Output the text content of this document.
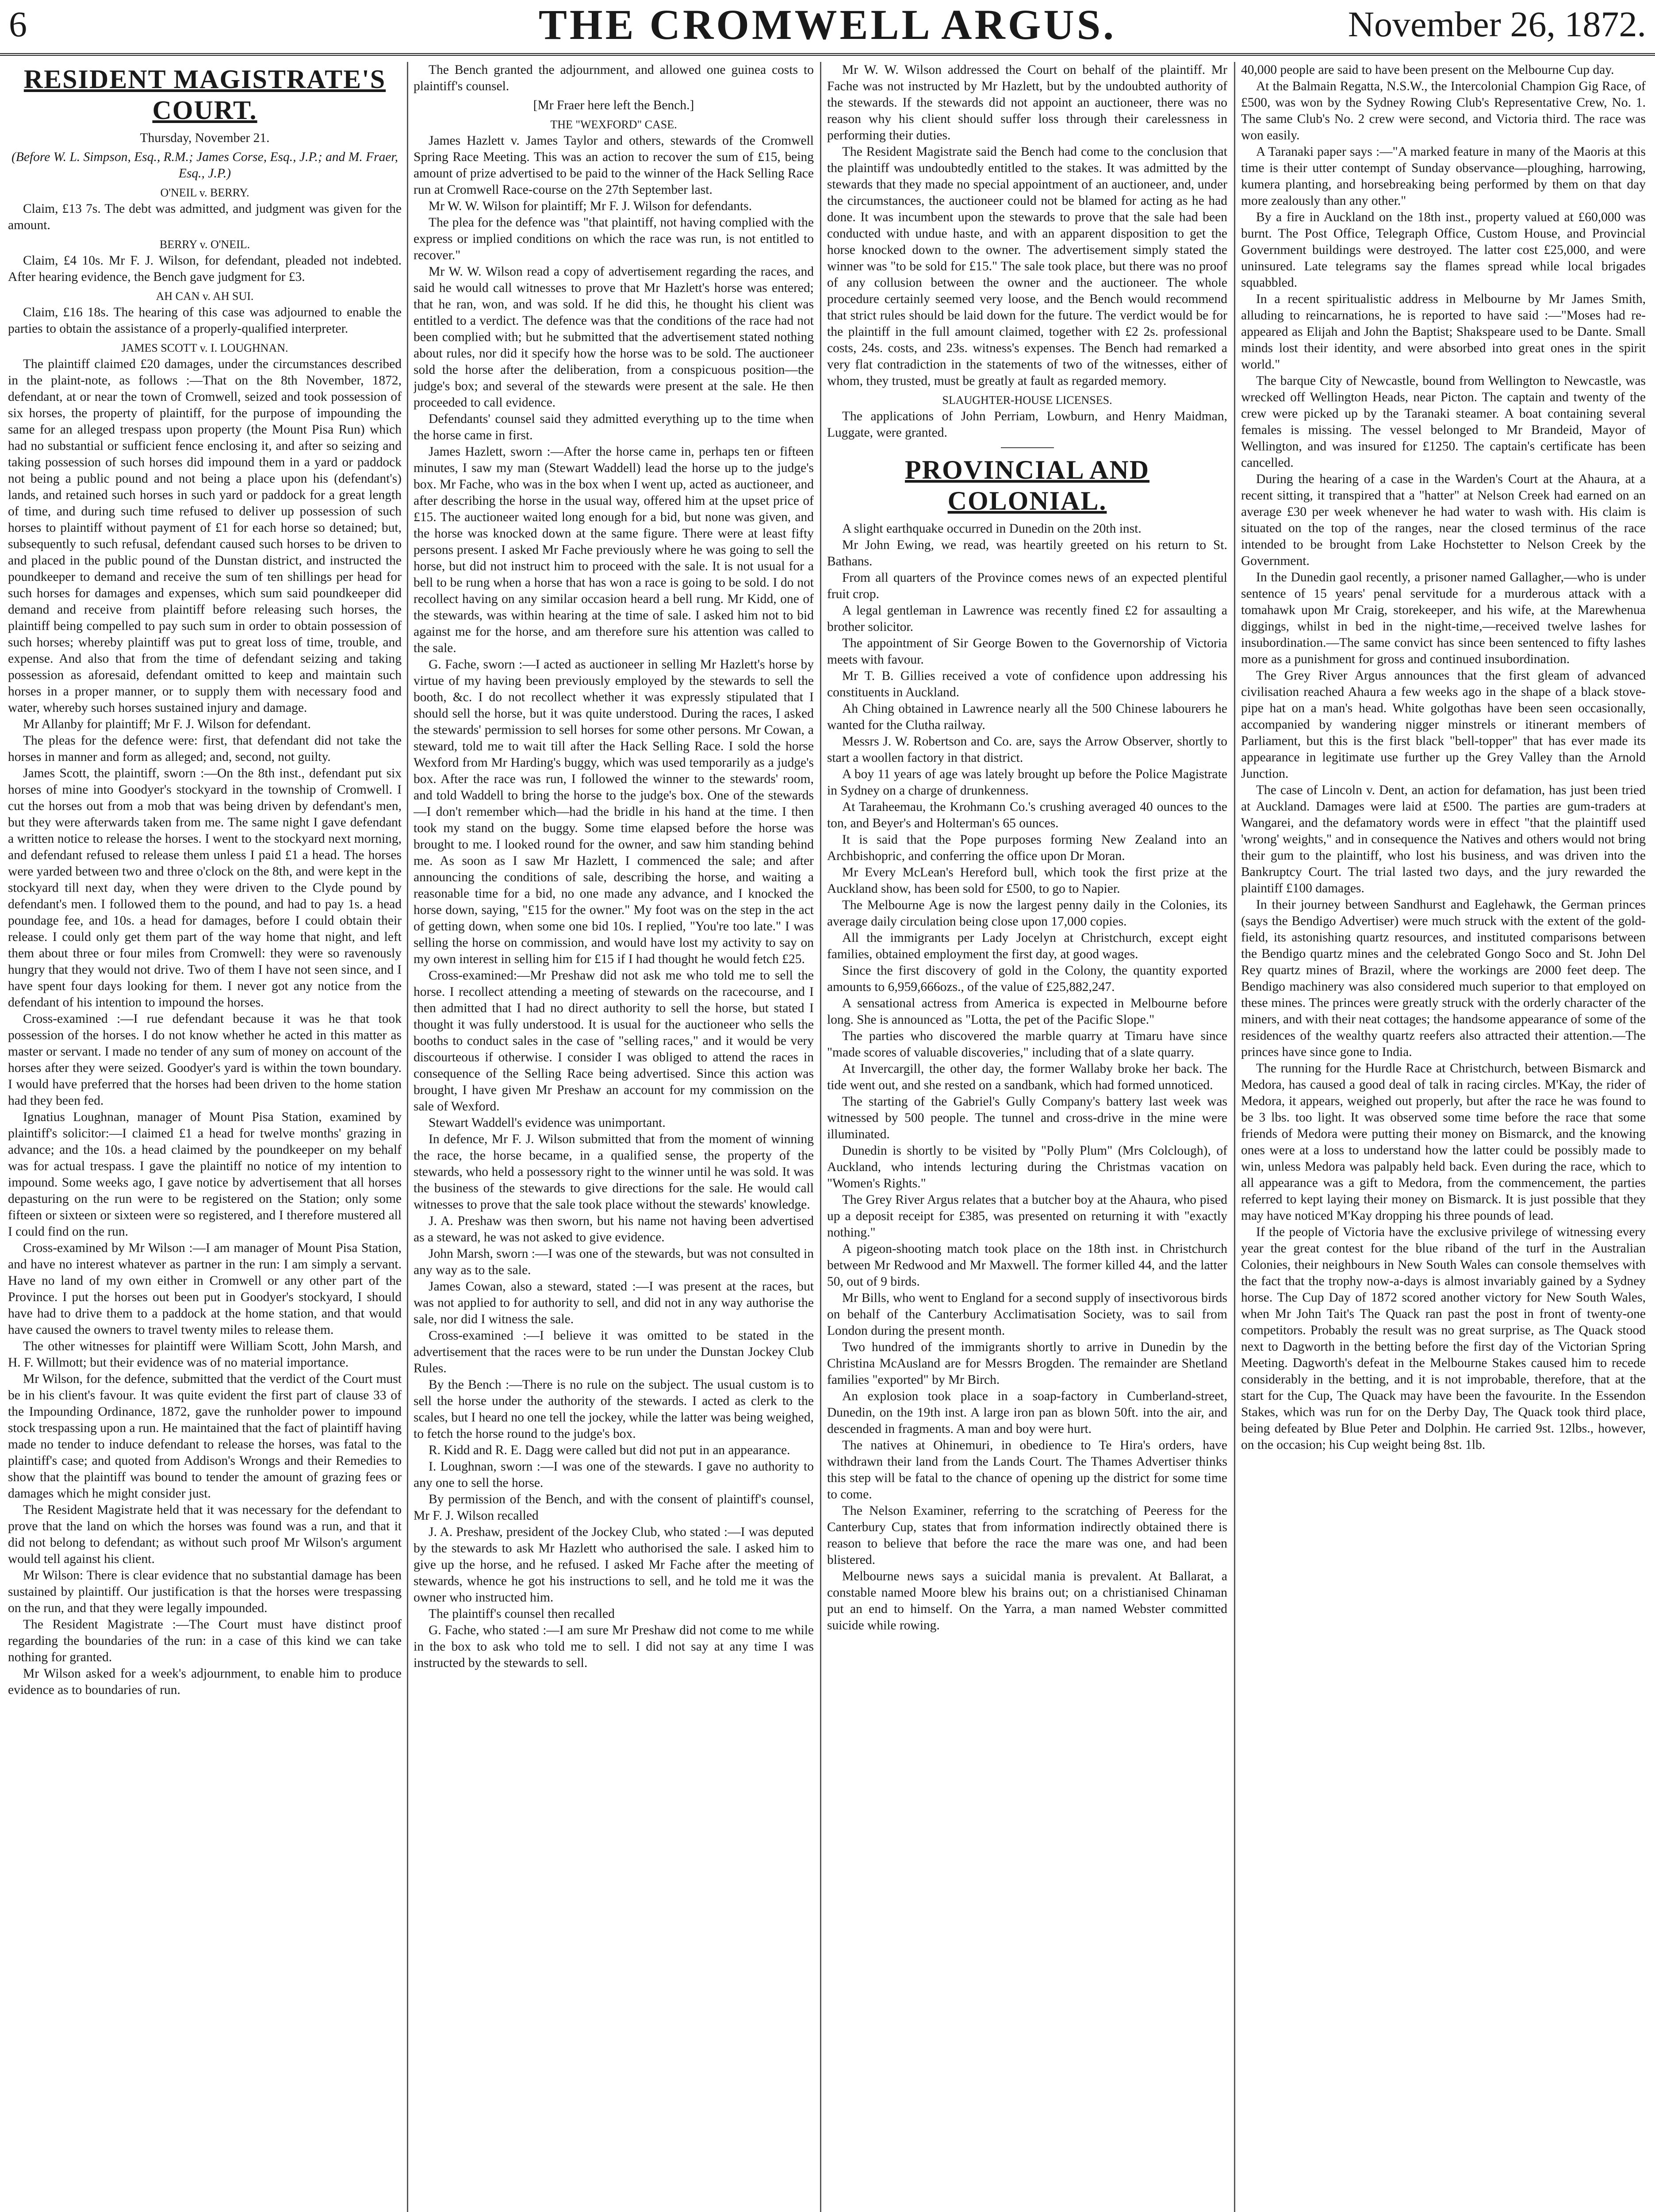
6	THE CROMWELL ARGUS.	November 26, 1872.
RESIDENT MAGISTRATE'S COURT.

Thursday, November 21.

(Before W. L. Simpson, Esq., R.M.; James Corse, Esq., J.P.; and M. Fraer, Esq., J.P.)

O'NEIL v. BERRY.

Claim, £13 7s. The debt was admitted, and judgment was given for the amount.

BERRY v. O'NEIL.

Claim, £4 10s. Mr F. J. Wilson, for defendant, pleaded not indebted. After hearing evidence, the Bench gave judgment for £3.

AH CAN v. AH SUI.

Claim, £16 18s. The hearing of this case was adjourned to enable the parties to obtain the assistance of a properly-qualified interpreter.

JAMES SCOTT v. I. LOUGHNAN.

The plaintiff claimed £20 damages, under the circumstances described in the plaint-note, as follows :—That on the 8th November, 1872, defendant, at or near the town of Cromwell, seized and took possession of six horses, the property of plaintiff, for the purpose of impounding the same for an alleged trespass upon property (the Mount Pisa Run) which had no substantial or sufficient fence enclosing it, and after so seizing and taking possession of such horses did impound them in a yard or paddock not being a public pound and not being a place upon his (defendant's) lands, and retained such horses in such yard or paddock for a great length of time, and during such time refused to deliver up possession of such horses to plaintiff without payment of £1 for each horse so detained; but, subsequently to such refusal, defendant caused such horses to be driven to and placed in the public pound of the Dunstan district, and instructed the poundkeeper to demand and receive the sum of ten shillings per head for such horses for damages and expenses, which sum said poundkeeper did demand and receive from plaintiff before releasing such horses, the plaintiff being compelled to pay such sum in order to obtain possession of such horses; whereby plaintiff was put to great loss of time, trouble, and expense. And also that from the time of defendant seizing and taking possession as aforesaid, defendant omitted to keep and maintain such horses in a proper manner, or to supply them with necessary food and water, whereby such horses sustained injury and damage.

Mr Allanby for plaintiff; Mr F. J. Wilson for defendant.

The pleas for the defence were: first, that defendant did not take the horses in manner and form as alleged; and, second, not guilty.

James Scott, the plaintiff, sworn :—On the 8th inst., defendant put six horses of mine into Goodyer's stockyard in the township of Cromwell. I cut the horses out from a mob that was being driven by defendant's men, but they were afterwards taken from me. The same night I gave defendant a written notice to release the horses. I went to the stockyard next morning, and defendant refused to release them unless I paid £1 a head. The horses were yarded between two and three o'clock on the 8th, and were kept in the stockyard till next day, when they were driven to the Clyde pound by defendant's men. I followed them to the pound, and had to pay 1s. a head poundage fee, and 10s. a head for damages, before I could obtain their release. I could only get them part of the way home that night, and left them about three or four miles from Cromwell: they were so ravenously hungry that they would not drive. Two of them I have not seen since, and I have spent four days looking for them. I never got any notice from the defendant of his intention to impound the horses.

Cross-examined :—I rue defendant because it was he that took possession of the horses. I do not know whether he acted in this matter as master or servant. I made no tender of any sum of money on account of the horses after they were seized. Goodyer's yard is within the town boundary. I would have preferred that the horses had been driven to the home station had they been fed.

Ignatius Loughnan, manager of Mount Pisa Station, examined by plaintiff's solicitor:—I claimed £1 a head for twelve months' grazing in advance; and the 10s. a head claimed by the poundkeeper on my behalf was for actual trespass. I gave the plaintiff no notice of my intention to impound. Some weeks ago, I gave notice by advertisement that all horses depasturing on the run were to be registered on the Station; only some fifteen or sixteen or sixteen were so registered, and I therefore mustered all I could find on the run.

Cross-examined by Mr Wilson :—I am manager of Mount Pisa Station, and have no interest whatever as partner in the run: I am simply a servant. Have no land of my own either in Cromwell or any other part of the Province. I put the horses out been put in Goodyer's stockyard, I should have had to drive them to a paddock at the home station, and that would have caused the owners to travel twenty miles to release them.

The other witnesses for plaintiff were William Scott, John Marsh, and H. F. Willmott; but their evidence was of no material importance.

Mr Wilson, for the defence, submitted that the verdict of the Court must be in his client's favour. It was quite evident the first part of clause 33 of the Impounding Ordinance, 1872, gave the runholder power to impound stock trespassing upon a run. He maintained that the fact of plaintiff having made no tender to induce defendant to release the horses, was fatal to the plaintiff's case; and quoted from Addison's Wrongs and their Remedies to show that the plaintiff was bound to tender the amount of grazing fees or damages which he might consider just.

The Resident Magistrate held that it was necessary for the defendant to prove that the land on which the horses was found was a run, and that it did not belong to defendant; as without such proof Mr Wilson's argument would tell against his client.

Mr Wilson: There is clear evidence that no substantial damage has been sustained by plaintiff. Our justification is that the horses were trespassing on the run, and that they were legally impounded.

The Resident Magistrate :—The Court must have distinct proof regarding the boundaries of the run: in a case of this kind we can take nothing for granted.

Mr Wilson asked for a week's adjournment, to enable him to produce evidence as to boundaries of run.

The Bench granted the adjournment, and allowed one guinea costs to plaintiff's counsel.

[Mr Fraer here left the Bench.]

THE "WEXFORD" CASE.

James Hazlett v. James Taylor and others, stewards of the Cromwell Spring Race Meeting. This was an action to recover the sum of £15, being amount of prize advertised to be paid to the winner of the Hack Selling Race run at Cromwell Race-course on the 27th September last.

Mr W. W. Wilson for plaintiff; Mr F. J. Wilson for defendants.

The plea for the defence was "that plaintiff, not having complied with the express or implied conditions on which the race was run, is not entitled to recover."

Mr W. W. Wilson read a copy of advertisement regarding the races, and said he would call witnesses to prove that Mr Hazlett's horse was entered; that he ran, won, and was sold. If he did this, he thought his client was entitled to a verdict. The defence was that the conditions of the race had not been complied with; but he submitted that the advertisement stated nothing about rules, nor did it specify how the horse was to be sold. The auctioneer sold the horse after the deliberation, from a conspicuous position—the judge's box; and several of the stewards were present at the sale. He then proceeded to call evidence.

Defendants' counsel said they admitted everything up to the time when the horse came in first.

James Hazlett, sworn :—After the horse came in, perhaps ten or fifteen minutes, I saw my man (Stewart Waddell) lead the horse up to the judge's box. Mr Fache, who was in the box when I went up, acted as auctioneer, and after describing the horse in the usual way, offered him at the upset price of £15. The auctioneer waited long enough for a bid, but none was given, and the horse was knocked down at the same figure. There were at least fifty persons present. I asked Mr Fache previously where he was going to sell the horse, but did not instruct him to proceed with the sale. It is not usual for a bell to be rung when a horse that has won a race is going to be sold. I do not recollect having on any similar occasion heard a bell rung. Mr Kidd, one of the stewards, was within hearing at the time of sale. I asked him not to bid against me for the horse, and am therefore sure his attention was called to the sale.

G. Fache, sworn :—I acted as auctioneer in selling Mr Hazlett's horse by virtue of my having been previously employed by the stewards to sell the booth, &c. I do not recollect whether it was expressly stipulated that I should sell the horse, but it was quite understood. During the races, I asked the stewards' permission to sell horses for some other persons. Mr Cowan, a steward, told me to wait till after the Hack Selling Race. I sold the horse Wexford from Mr Harding's buggy, which was used temporarily as a judge's box. After the race was run, I followed the winner to the stewards' room, and told Waddell to bring the horse to the judge's box. One of the stewards—I don't remember which—had the bridle in his hand at the time. I then took my stand on the buggy. Some time elapsed before the horse was brought to me. I looked round for the owner, and saw him standing behind me. As soon as I saw Mr Hazlett, I commenced the sale; and after announcing the conditions of sale, describing the horse, and waiting a reasonable time for a bid, no one made any advance, and I knocked the horse down, saying, "£15 for the owner." My foot was on the step in the act of getting down, when some one bid 10s. I replied, "You're too late." I was selling the horse on commission, and would have lost my activity to say on my own interest in selling him for £15 if I had thought he would fetch £25.

Cross-examined:—Mr Preshaw did not ask me who told me to sell the horse. I recollect attending a meeting of stewards on the racecourse, and I then admitted that I had no direct authority to sell the horse, but stated I thought it was fully understood. It is usual for the auctioneer who sells the booths to conduct sales in the case of "selling races," and it would be very discourteous if otherwise. I consider I was obliged to attend the races in consequence of the Selling Race being advertised. Since this action was brought, I have given Mr Preshaw an account for my commission on the sale of Wexford.

Stewart Waddell's evidence was unimportant.

In defence, Mr F. J. Wilson submitted that from the moment of winning the race, the horse became, in a qualified sense, the property of the stewards, who held a possessory right to the winner until he was sold. It was the business of the stewards to give directions for the sale. He would call witnesses to prove that the sale took place without the stewards' knowledge.

J. A. Preshaw was then sworn, but his name not having been advertised as a steward, he was not asked to give evidence.

John Marsh, sworn :—I was one of the stewards, but was not consulted in any way as to the sale.

James Cowan, also a steward, stated :—I was present at the races, but was not applied to for authority to sell, and did not in any way authorise the sale, nor did I witness the sale.

Cross-examined :—I believe it was omitted to be stated in the advertisement that the races were to be run under the Dunstan Jockey Club Rules.

By the Bench :—There is no rule on the subject. The usual custom is to sell the horse under the authority of the stewards. I acted as clerk to the scales, but I heard no one tell the jockey, while the latter was being weighed, to fetch the horse round to the judge's box.

R. Kidd and R. E. Dagg were called but did not put in an appearance.

I. Loughnan, sworn :—I was one of the stewards. I gave no authority to any one to sell the horse.

By permission of the Bench, and with the consent of plaintiff's counsel, Mr F. J. Wilson recalled

J. A. Preshaw, president of the Jockey Club, who stated :—I was deputed by the stewards to ask Mr Hazlett who authorised the sale. I asked him to give up the horse, and he refused. I asked Mr Fache after the meeting of stewards, whence he got his instructions to sell, and he told me it was the owner who instructed him.

The plaintiff's counsel then recalled

G. Fache, who stated :—I am sure Mr Preshaw did not come to me while in the box to ask who told me to sell. I did not say at any time I was instructed by the stewards to sell.

Mr W. W. Wilson addressed the Court on behalf of the plaintiff. Mr Fache was not instructed by Mr Hazlett, but by the undoubted authority of the stewards. If the stewards did not appoint an auctioneer, there was no reason why his client should suffer loss through their carelessness in performing their duties.

The Resident Magistrate said the Bench had come to the conclusion that the plaintiff was undoubtedly entitled to the stakes. It was admitted by the stewards that they made no special appointment of an auctioneer, and, under the circumstances, the auctioneer could not be blamed for acting as he had done. It was incumbent upon the stewards to prove that the sale had been conducted with undue haste, and with an apparent disposition to get the horse knocked down to the owner. The advertisement simply stated the winner was "to be sold for £15." The sale took place, but there was no proof of any collusion between the owner and the auctioneer. The whole procedure certainly seemed very loose, and the Bench would recommend that strict rules should be laid down for the future. The verdict would be for the plaintiff in the full amount claimed, together with £2 2s. professional costs, 24s. costs, and 23s. witness's expenses. The Bench had remarked a very flat contradiction in the statements of two of the witnesses, either of whom, they trusted, must be greatly at fault as regarded memory.

SLAUGHTER-HOUSE LICENSES.

The applications of John Perriam, Lowburn, and Henry Maidman, Luggate, were granted.

PROVINCIAL AND COLONIAL.

A slight earthquake occurred in Dunedin on the 20th inst.

Mr John Ewing, we read, was heartily greeted on his return to St. Bathans.

From all quarters of the Province comes news of an expected plentiful fruit crop.

A legal gentleman in Lawrence was recently fined £2 for assaulting a brother solicitor.

The appointment of Sir George Bowen to the Governorship of Victoria meets with favour.

Mr T. B. Gillies received a vote of confidence upon addressing his constituents in Auckland.

Ah Ching obtained in Lawrence nearly all the 500 Chinese labourers he wanted for the Clutha railway.

Messrs J. W. Robertson and Co. are, says the Arrow Observer, shortly to start a woollen factory in that district.

A boy 11 years of age was lately brought up before the Police Magistrate in Sydney on a charge of drunkenness.

At Taraheemau, the Krohmann Co.'s crushing averaged 40 ounces to the ton, and Beyer's and Holterman's 65 ounces.

It is said that the Pope purposes forming New Zealand into an Archbishopric, and conferring the office upon Dr Moran.

Mr Every McLean's Hereford bull, which took the first prize at the Auckland show, has been sold for £500, to go to Napier.

The Melbourne Age is now the largest penny daily in the Colonies, its average daily circulation being close upon 17,000 copies.

All the immigrants per Lady Jocelyn at Christchurch, except eight families, obtained employment the first day, at good wages.

Since the first discovery of gold in the Colony, the quantity exported amounts to 6,959,666ozs., of the value of £25,882,247.

A sensational actress from America is expected in Melbourne before long. She is announced as "Lotta, the pet of the Pacific Slope."

The parties who discovered the marble quarry at Timaru have since "made scores of valuable discoveries," including that of a slate quarry.

At Invercargill, the other day, the former Wallaby broke her back. The tide went out, and she rested on a sandbank, which had formed unnoticed.

The starting of the Gabriel's Gully Company's battery last week was witnessed by 500 people. The tunnel and cross-drive in the mine were illuminated.

Dunedin is shortly to be visited by "Polly Plum" (Mrs Colclough), of Auckland, who intends lecturing during the Christmas vacation on "Women's Rights."

The Grey River Argus relates that a butcher boy at the Ahaura, who pised up a deposit receipt for £385, was presented on returning it with "exactly nothing."

A pigeon-shooting match took place on the 18th inst. in Christchurch between Mr Redwood and Mr Maxwell. The former killed 44, and the latter 50, out of 9 birds.

Mr Bills, who went to England for a second supply of insectivorous birds on behalf of the Canterbury Acclimatisation Society, was to sail from London during the present month.

Two hundred of the immigrants shortly to arrive in Dunedin by the Christina McAusland are for Messrs Brogden. The remainder are Shetland families "exported" by Mr Birch.

An explosion took place in a soap-factory in Cumberland-street, Dunedin, on the 19th inst. A large iron pan as blown 50ft. into the air, and descended in fragments. A man and boy were hurt.

The natives at Ohinemuri, in obedience to Te Hira's orders, have withdrawn their land from the Lands Court. The Thames Advertiser thinks this step will be fatal to the chance of opening up the district for some time to come.

The Nelson Examiner, referring to the scratching of Peeress for the Canterbury Cup, states that from information indirectly obtained there is reason to believe that before the race the mare was one, and had been blistered.

Melbourne news says a suicidal mania is prevalent. At Ballarat, a constable named Moore blew his brains out; on a christianised Chinaman put an end to himself. On the Yarra, a man named Webster committed suicide while rowing.

40,000 people are said to have been present on the Melbourne Cup day.

At the Balmain Regatta, N.S.W., the Intercolonial Champion Gig Race, of £500, was won by the Sydney Rowing Club's Representative Crew, No. 1. The same Club's No. 2 crew were second, and Victoria third. The race was won easily.

A Taranaki paper says :—"A marked feature in many of the Maoris at this time is their utter contempt of Sunday observance—ploughing, harrowing, kumera planting, and horsebreaking being performed by them on that day more zealously than any other."

By a fire in Auckland on the 18th inst., property valued at £60,000 was burnt. The Post Office, Telegraph Office, Custom House, and Provincial Government buildings were destroyed. The latter cost £25,000, and were uninsured. Late telegrams say the flames spread while local brigades squabbled.

In a recent spiritualistic address in Melbourne by Mr James Smith, alluding to reincarnations, he is reported to have said :—"Moses had re-appeared as Elijah and John the Baptist; Shakspeare used to be Dante. Small minds lost their identity, and were absorbed into great ones in the spirit world."

The barque City of Newcastle, bound from Wellington to Newcastle, was wrecked off Wellington Heads, near Picton. The captain and twenty of the crew were picked up by the Taranaki steamer. A boat containing several females is missing. The vessel belonged to Mr Brandeid, Mayor of Wellington, and was insured for £1250. The captain's certificate has been cancelled.

During the hearing of a case in the Warden's Court at the Ahaura, at a recent sitting, it transpired that a "hatter" at Nelson Creek had earned on an average £30 per week whenever he had water to wash with. His claim is situated on the top of the ranges, near the closed terminus of the race intended to be brought from Lake Hochstetter to Nelson Creek by the Government.

In the Dunedin gaol recently, a prisoner named Gallagher,—who is under sentence of 15 years' penal servitude for a murderous attack with a tomahawk upon Mr Craig, storekeeper, and his wife, at the Marewhenua diggings, whilst in bed in the night-time,—received twelve lashes for insubordination.—The same convict has since been sentenced to fifty lashes more as a punishment for gross and continued insubordination.

The Grey River Argus announces that the first gleam of advanced civilisation reached Ahaura a few weeks ago in the shape of a black stove-pipe hat on a man's head. White golgothas have been seen occasionally, accompanied by wandering nigger minstrels or itinerant members of Parliament, but this is the first black "bell-topper" that has ever made its appearance in legitimate use further up the Grey Valley than the Arnold Junction.

The case of Lincoln v. Dent, an action for defamation, has just been tried at Auckland. Damages were laid at £500. The parties are gum-traders at Wangarei, and the defamatory words were in effect "that the plaintiff used 'wrong' weights," and in consequence the Natives and others would not bring their gum to the plaintiff, who lost his business, and was driven into the Bankruptcy Court. The trial lasted two days, and the jury rewarded the plaintiff £100 damages.

In their journey between Sandhurst and Eaglehawk, the German princes (says the Bendigo Advertiser) were much struck with the extent of the gold-field, its astonishing quartz resources, and instituted comparisons between the Bendigo quartz mines and the celebrated Gongo Soco and St. John Del Rey quartz mines of Brazil, where the workings are 2000 feet deep. The Bendigo machinery was also considered much superior to that employed on these mines. The princes were greatly struck with the orderly character of the miners, and with their neat cottages; the handsome appearance of some of the residences of the wealthy quartz reefers also attracted their attention.—The princes have since gone to India.

The running for the Hurdle Race at Christchurch, between Bismarck and Medora, has caused a good deal of talk in racing circles. M'Kay, the rider of Medora, it appears, weighed out properly, but after the race he was found to be 3 lbs. too light. It was observed some time before the race that some friends of Medora were putting their money on Bismarck, and the knowing ones were at a loss to understand how the latter could be possibly made to win, unless Medora was palpably held back. Even during the race, which to all appearance was a gift to Medora, from the commencement, the parties referred to kept laying their money on Bismarck. It is just possible that they may have noticed M'Kay dropping his three pounds of lead.

If the people of Victoria have the exclusive privilege of witnessing every year the great contest for the blue riband of the turf in the Australian Colonies, their neighbours in New South Wales can console themselves with the fact that the trophy now-a-days is almost invariably gained by a Sydney horse. The Cup Day of 1872 scored another victory for New South Wales, when Mr John Tait's The Quack ran past the post in front of twenty-one competitors. Probably the result was no great surprise, as The Quack stood next to Dagworth in the betting before the first day of the Victorian Spring Meeting. Dagworth's defeat in the Melbourne Stakes caused him to recede considerably in the betting, and it is not improbable, therefore, that at the start for the Cup, The Quack may have been the favourite. In the Essendon Stakes, which was run for on the Derby Day, The Quack took third place, being defeated by Blue Peter and Dolphin. He carried 9st. 12lbs., however, on the occasion; his Cup weight being 8st. 1lb.
